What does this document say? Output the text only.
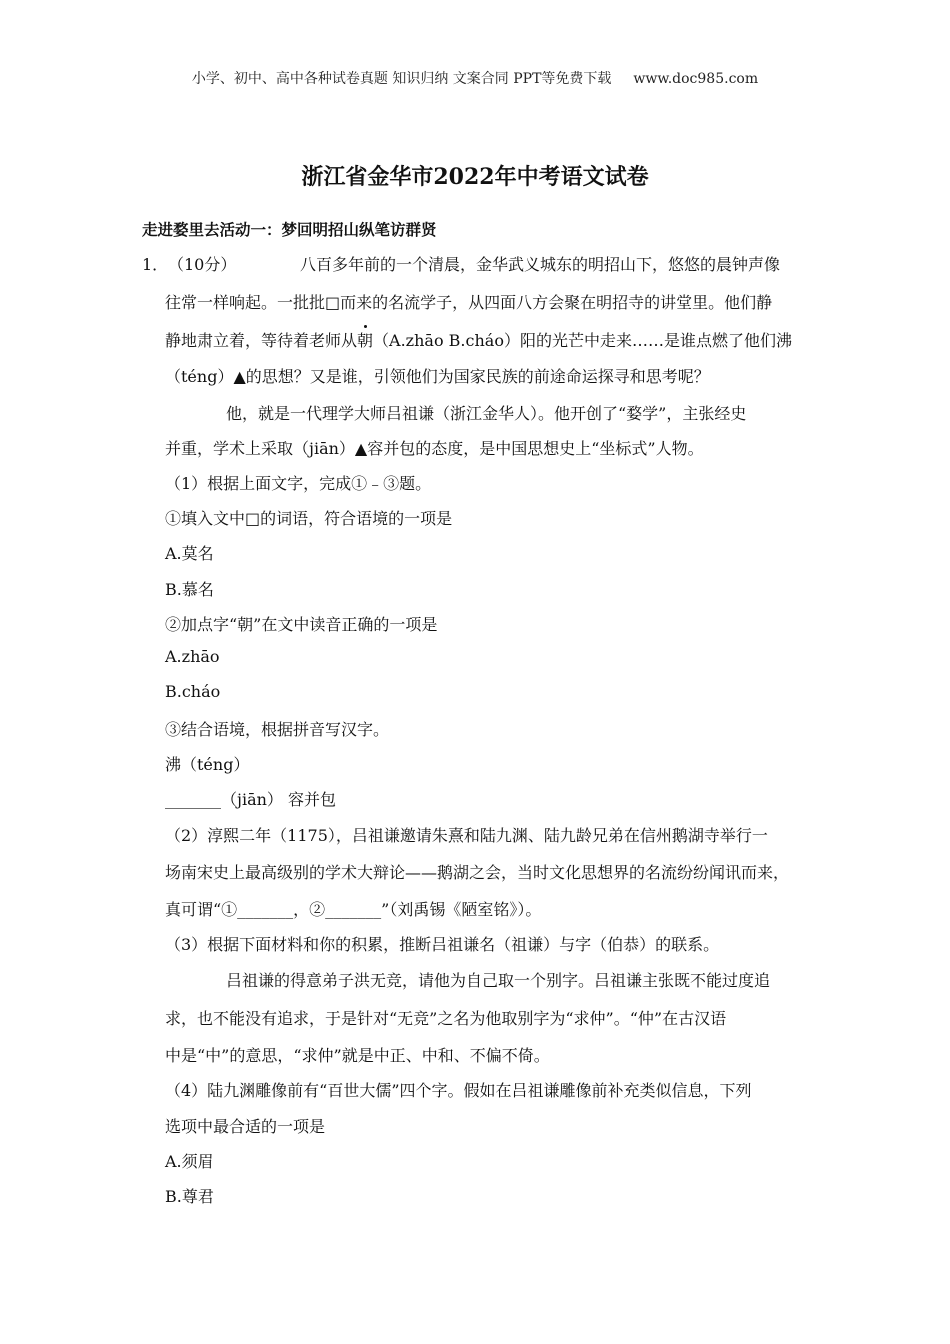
小学、初中、高中各种试卷真题 知识归纳 文案合同 PPT等免费下载 www.doc985.com
浙江省金华市2022年中考语文试卷
走进婺里去活动一：梦回明招山纵笔访群贤
1． （10分）	八百多年前的一个清晨，金华武义城东的明招山下，悠悠的晨钟声像
往常一样响起。一批批□而来的名流学子，从四面八方会聚在明招寺的讲堂里。他们静
静地肃立着，等待着老师从朝（A.zhāo B.cháo）阳的光芒中走来……是谁点燃了他们沸
（téng）▲的思想？又是谁，引领他们为国家民族的前途命运探寻和思考呢？
他，就是一代理学大师吕祖谦（浙江金华人）。他开创了“婺学”，主张经史
并重，学术上采取（jiān）▲容并包的态度，是中国思想史上“坐标式”人物。
（1）根据上面文字，完成①﹣③题。
①填入文中□的词语，符合语境的一项是
A.莫名
B.慕名
②加点字“朝”在文中读音正确的一项是
A.zhāo
B.cháo
③结合语境，根据拼音写汉字。
沸（téng）
_______（jiān） 容并包
（2）淳熙二年（1175），吕祖谦邀请朱熹和陆九渊、陆九龄兄弟在信州鹅湖寺举行一
场南宋史上最高级别的学术大辩论——鹅湖之会，当时文化思想界的名流纷纷闻讯而来，
真可谓“①_______，②_______”（刘禹锡《陋室铭》）。
（3）根据下面材料和你的积累，推断吕祖谦名（祖谦）与字（伯恭）的联系。
吕祖谦的得意弟子洪无竞，请他为自己取一个别字。吕祖谦主张既不能过度追
求，也不能没有追求，于是针对“无竞”之名为他取别字为“求仲”。“仲”在古汉语
中是“中”的意思，“求仲”就是中正、中和、不偏不倚。
（4）陆九渊雕像前有“百世大儒”四个字。假如在吕祖谦雕像前补充类似信息，下列
选项中最合适的一项是
A.须眉
B.尊君
